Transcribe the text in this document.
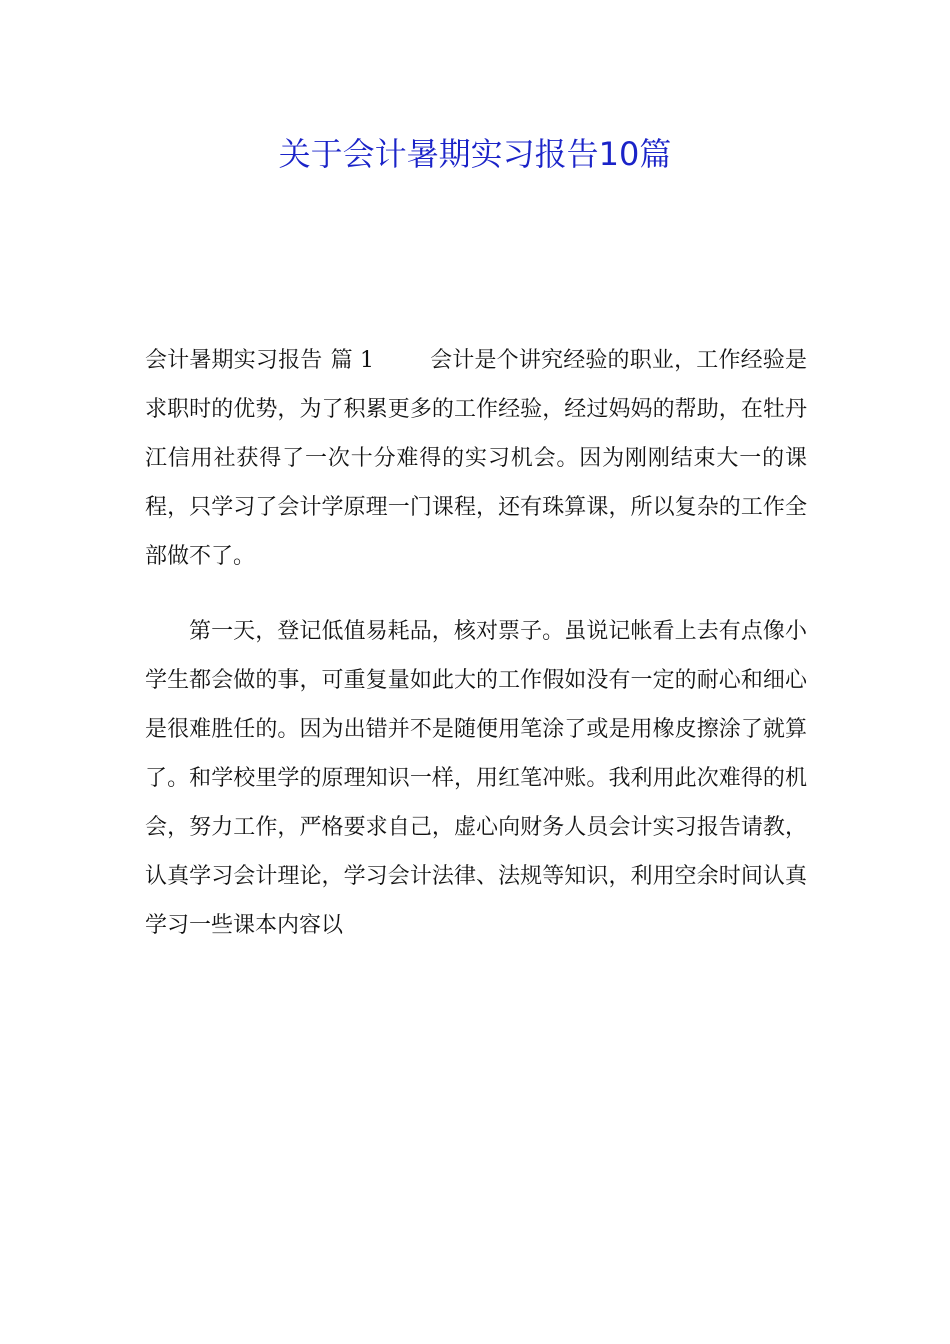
关于会计暑期实习报告10篇

会计暑期实习报告 篇 1	会计是个讲究经验的职业，工作经验是求职时的优势，为了积累更多的工作经验，经过妈妈的帮助，在牡丹江信用社获得了一次十分难得的实习机会。因为刚刚结束大一的课程，只学习了会计学原理一门课程，还有珠算课，所以复杂的工作全部做不了。

第一天，登记低值易耗品，核对票子。虽说记帐看上去有点像小学生都会做的事，可重复量如此大的工作假如没有一定的耐心和细心是很难胜任的。因为出错并不是随便用笔涂了或是用橡皮擦涂了就算了。和学校里学的原理知识一样，用红笔冲账。我利用此次难得的机会，努力工作，严格要求自己，虚心向财务人员会计实习报告请教，认真学习会计理论，学习会计法律、法规等知识，利用空余时间认真学习一些课本内容以
